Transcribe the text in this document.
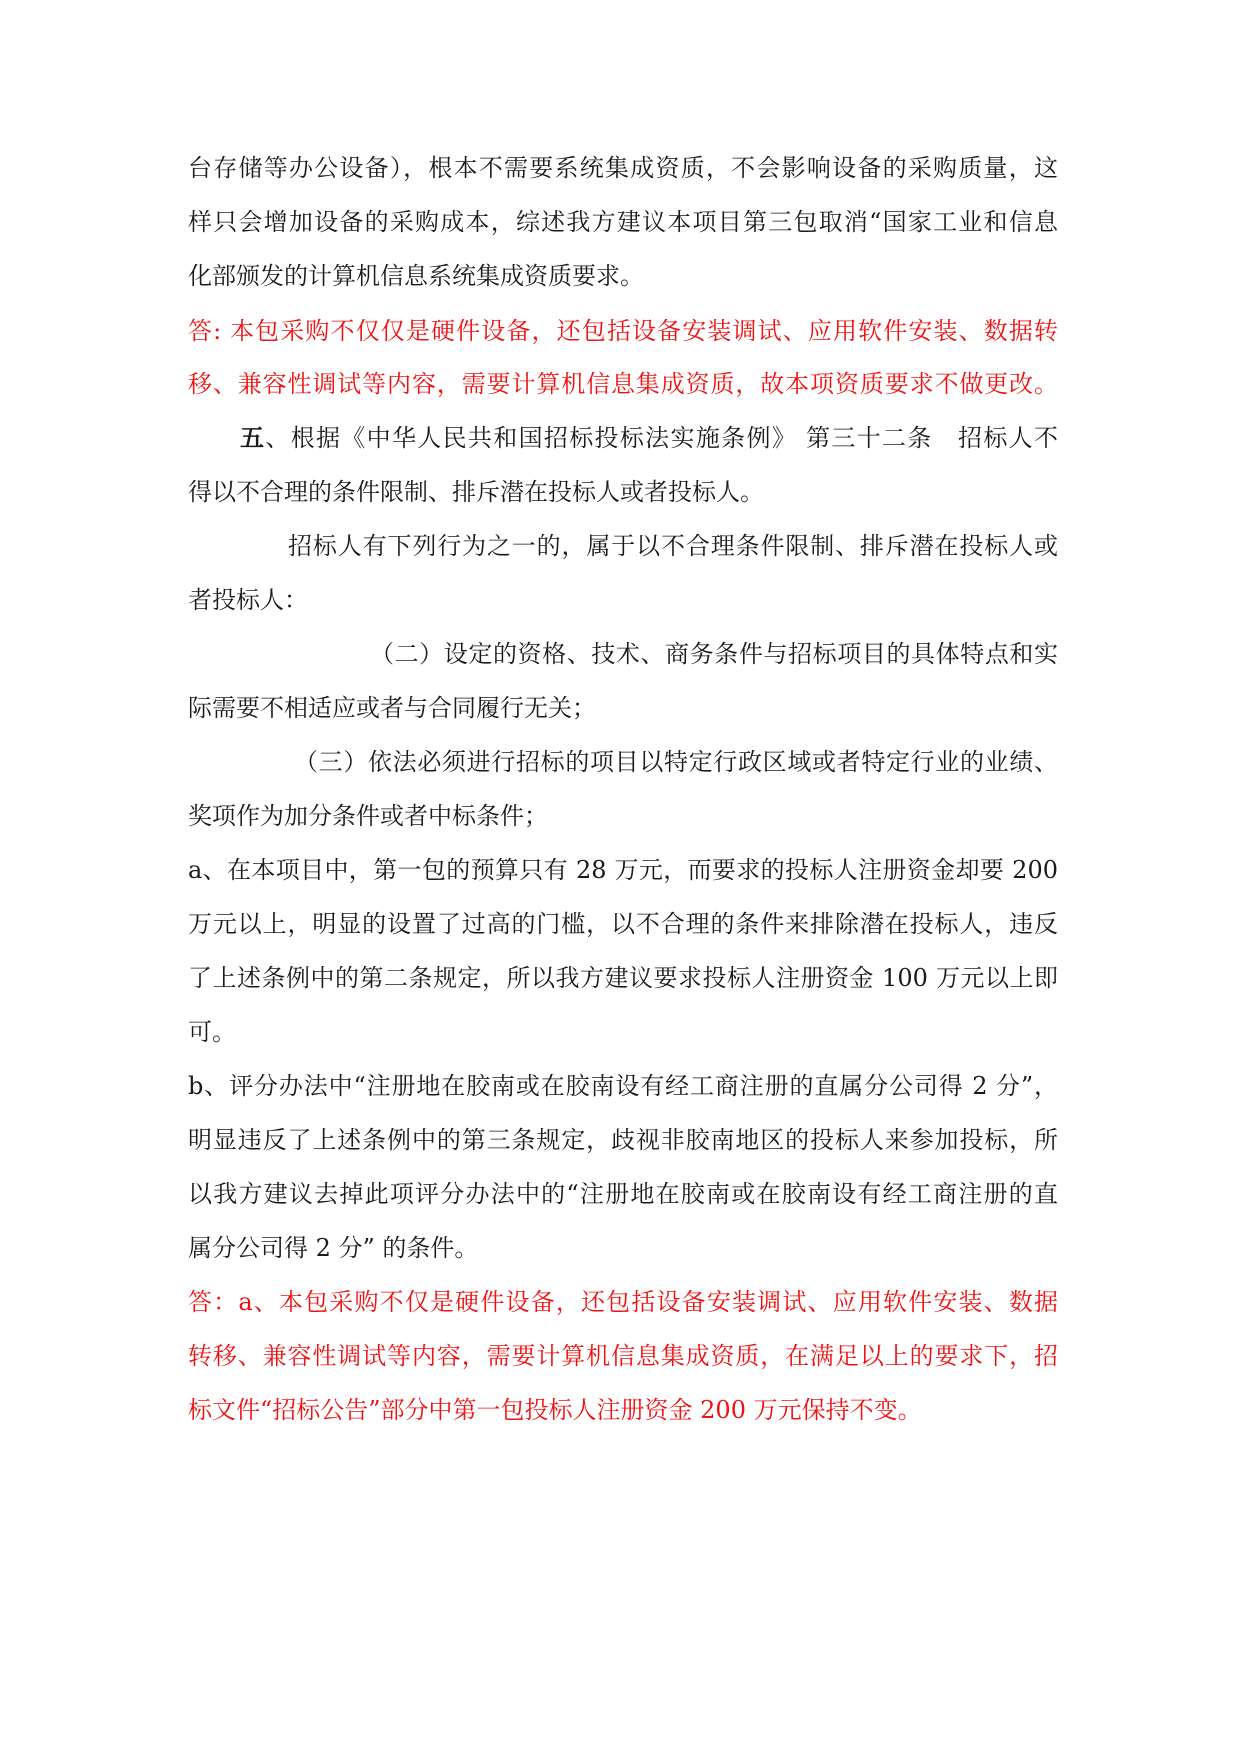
台存储等办公设备），根本不需要系统集成资质，不会影响设备的采购质量，这
样只会增加设备的采购成本，综述我方建议本项目第三包取消“国家工业和信息
化部颁发的计算机信息系统集成资质要求。
答: 本包采购不仅仅是硬件设备，还包括设备安装调试、应用软件安装、数据转
移、兼容性调试等内容，需要计算机信息集成资质，故本项资质要求不做更改。
五、根据《中华人民共和国招标投标法实施条例》 第三十二条　招标人不
得以不合理的条件限制、排斥潜在投标人或者投标人。
招标人有下列行为之一的，属于以不合理条件限制、排斥潜在投标人或
者投标人：
（二）设定的资格、技术、商务条件与招标项目的具体特点和实
际需要不相适应或者与合同履行无关；
（三）依法必须进行招标的项目以特定行政区域或者特定行业的业绩、
奖项作为加分条件或者中标条件；
a、在本项目中，第一包的预算只有 28 万元，而要求的投标人注册资金却要 200
万元以上，明显的设置了过高的门槛，以不合理的条件来排除潜在投标人，违反
了上述条例中的第二条规定，所以我方建议要求投标人注册资金 100 万元以上即
可。
b、评分办法中“注册地在胶南或在胶南设有经工商注册的直属分公司得 2 分”，
明显违反了上述条例中的第三条规定，歧视非胶南地区的投标人来参加投标，所
以我方建议去掉此项评分办法中的“注册地在胶南或在胶南设有经工商注册的直
属分公司得 2 分” 的条件。
答：a、本包采购不仅是硬件设备，还包括设备安装调试、应用软件安装、数据
转移、兼容性调试等内容，需要计算机信息集成资质，在满足以上的要求下，招
标文件“招标公告”部分中第一包投标人注册资金 200 万元保持不变。
